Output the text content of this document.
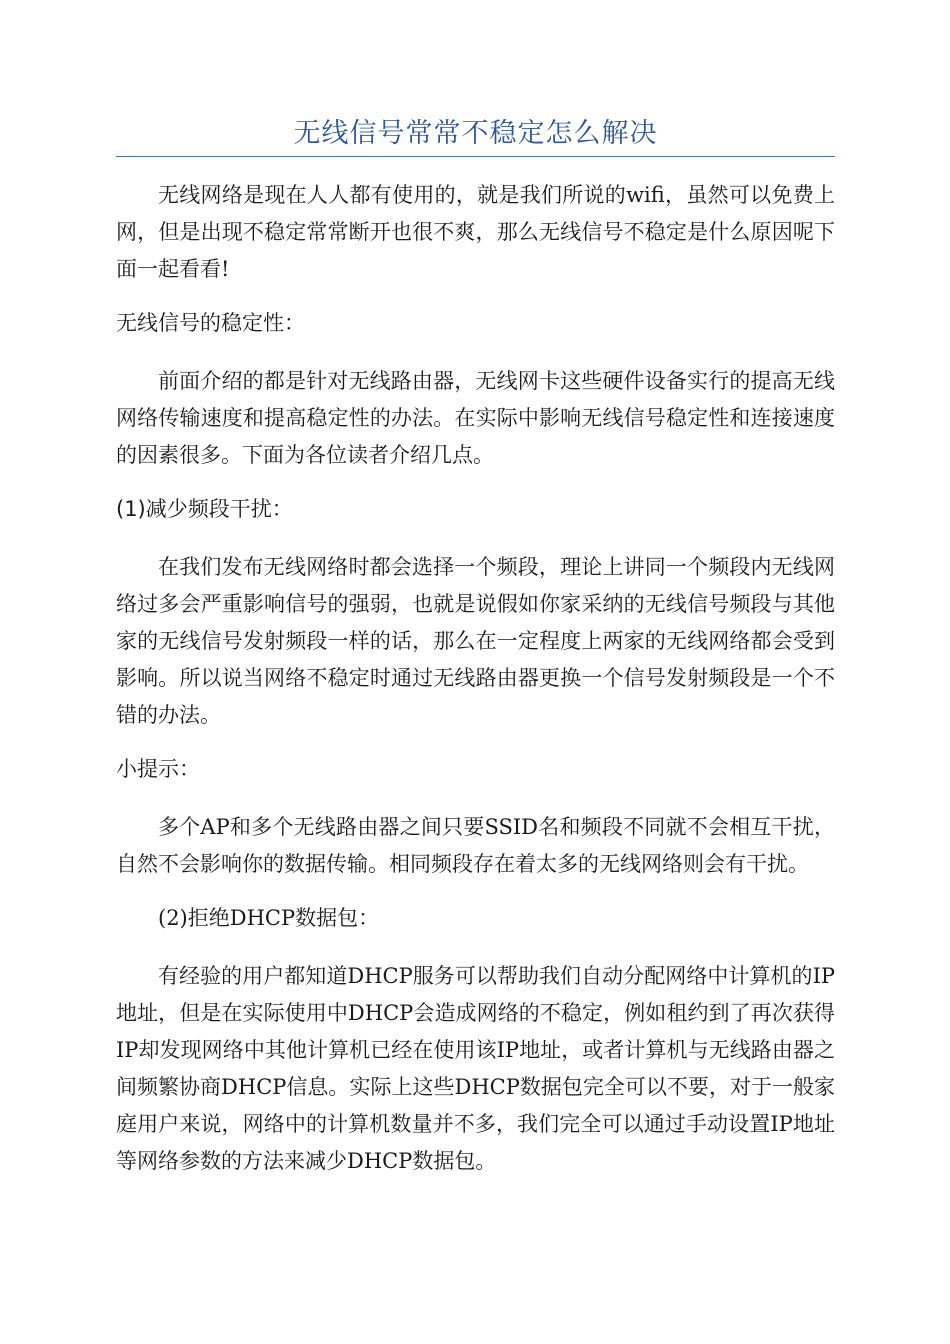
无线信号常常不稳定怎么解决

无线网络是现在人人都有使用的，就是我们所说的wifi，虽然可以免费上网，但是出现不稳定常常断开也很不爽，那么无线信号不稳定是什么原因呢下面一起看看!

无线信号的稳定性：

前面介绍的都是针对无线路由器，无线网卡这些硬件设备实行的提高无线网络传输速度和提高稳定性的办法。在实际中影响无线信号稳定性和连接速度的因素很多。下面为各位读者介绍几点。

(1)减少频段干扰：

在我们发布无线网络时都会选择一个频段，理论上讲同一个频段内无线网络过多会严重影响信号的强弱，也就是说假如你家采纳的无线信号频段与其他家的无线信号发射频段一样的话，那么在一定程度上两家的无线网络都会受到影响。所以说当网络不稳定时通过无线路由器更换一个信号发射频段是一个不错的办法。

小提示：

多个AP和多个无线路由器之间只要SSID名和频段不同就不会相互干扰，自然不会影响你的数据传输。相同频段存在着太多的无线网络则会有干扰。

(2)拒绝DHCP数据包：

有经验的用户都知道DHCP服务可以帮助我们自动分配网络中计算机的IP地址，但是在实际使用中DHCP会造成网络的不稳定，例如租约到了再次获得IP却发现网络中其他计算机已经在使用该IP地址，或者计算机与无线路由器之间频繁协商DHCP信息。实际上这些DHCP数据包完全可以不要，对于一般家庭用户来说，网络中的计算机数量并不多，我们完全可以通过手动设置IP地址等网络参数的方法来减少DHCP数据包。
